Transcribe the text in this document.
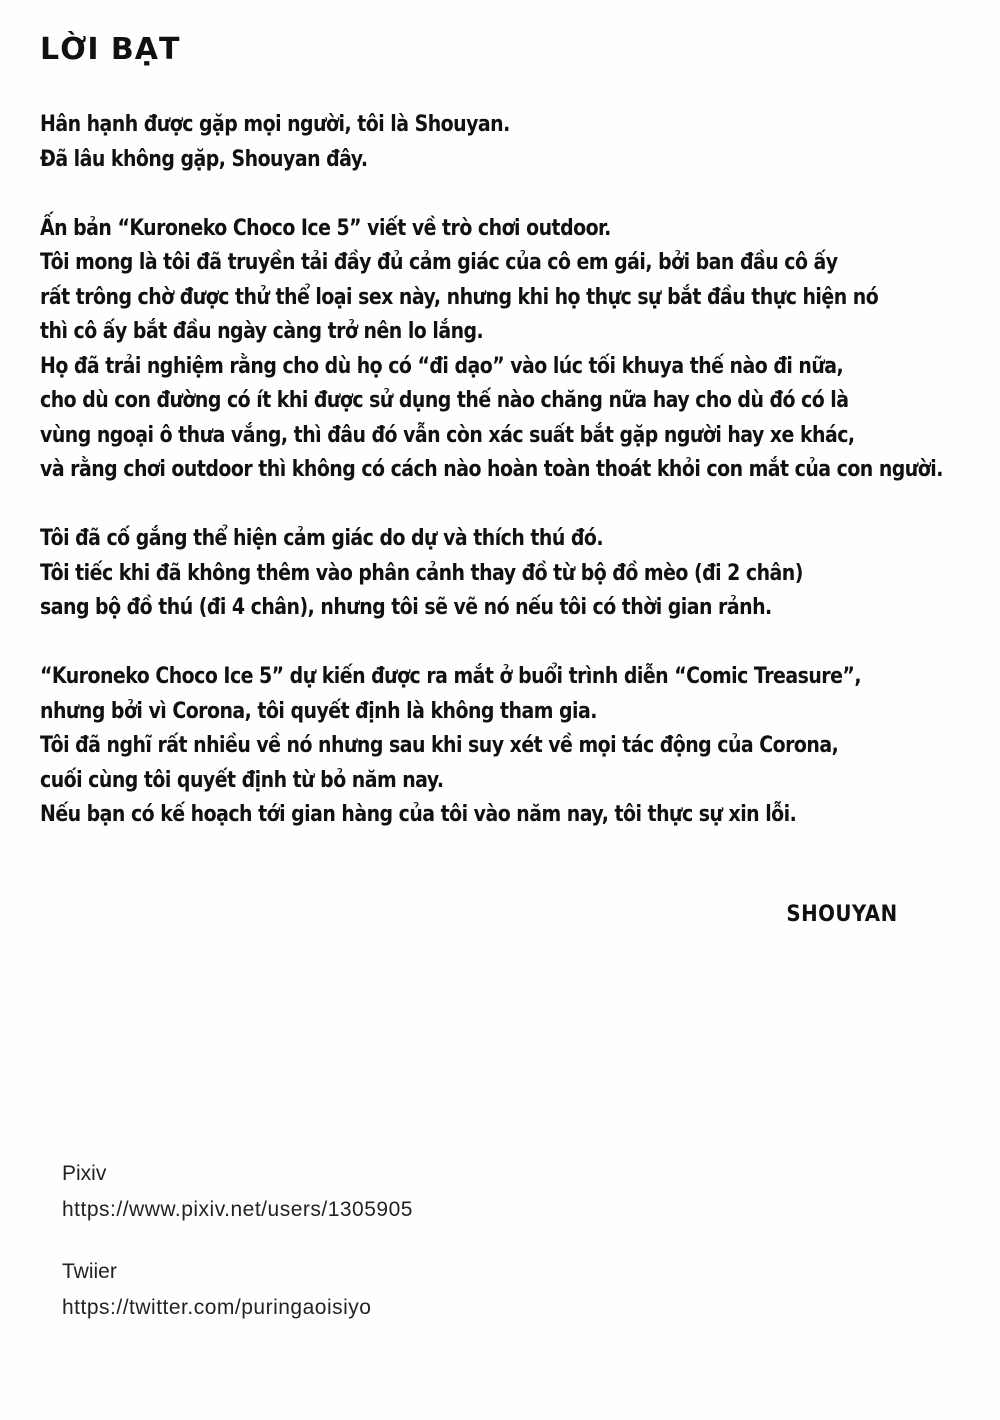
LỜI BẠT

Hân hạnh được gặp mọi người, tôi là Shouyan.
Đã lâu không gặp, Shouyan đây.

Ấn bản “Kuroneko Choco Ice 5” viết về trò chơi outdoor.
Tôi mong là tôi đã truyền tải đầy đủ cảm giác của cô em gái, bởi ban đầu cô ấy
rất trông chờ được thử thể loại sex này, nhưng khi họ thực sự bắt đầu thực hiện nó
thì cô ấy bắt đầu ngày càng trở nên lo lắng.
Họ đã trải nghiệm rằng cho dù họ có “đi dạo” vào lúc tối khuya thế nào đi nữa,
cho dù con đường có ít khi được sử dụng thế nào chăng nữa hay cho dù đó có là
vùng ngoại ô thưa vắng, thì đâu đó vẫn còn xác suất bắt gặp người hay xe khác,
và rằng chơi outdoor thì không có cách nào hoàn toàn thoát khỏi con mắt của con người.

Tôi đã cố gắng thể hiện cảm giác do dự và thích thú đó.
Tôi tiếc khi đã không thêm vào phân cảnh thay đồ từ bộ đồ mèo (đi 2 chân)
sang bộ đồ thú (đi 4 chân), nhưng tôi sẽ vẽ nó nếu tôi có thời gian rảnh.

“Kuroneko Choco Ice 5” dự kiến được ra mắt ở buổi trình diễn “Comic Treasure”,
nhưng bởi vì Corona, tôi quyết định là không tham gia.
Tôi đã nghĩ rất nhiều về nó nhưng sau khi suy xét về mọi tác động của Corona,
cuối cùng tôi quyết định từ bỏ năm nay.
Nếu bạn có kế hoạch tới gian hàng của tôi vào năm nay, tôi thực sự xin lỗi.

SHOUYAN
Pixiv
https://www.pixiv.net/users/1305905
Twiier
https://twitter.com/puringaoisiyo
